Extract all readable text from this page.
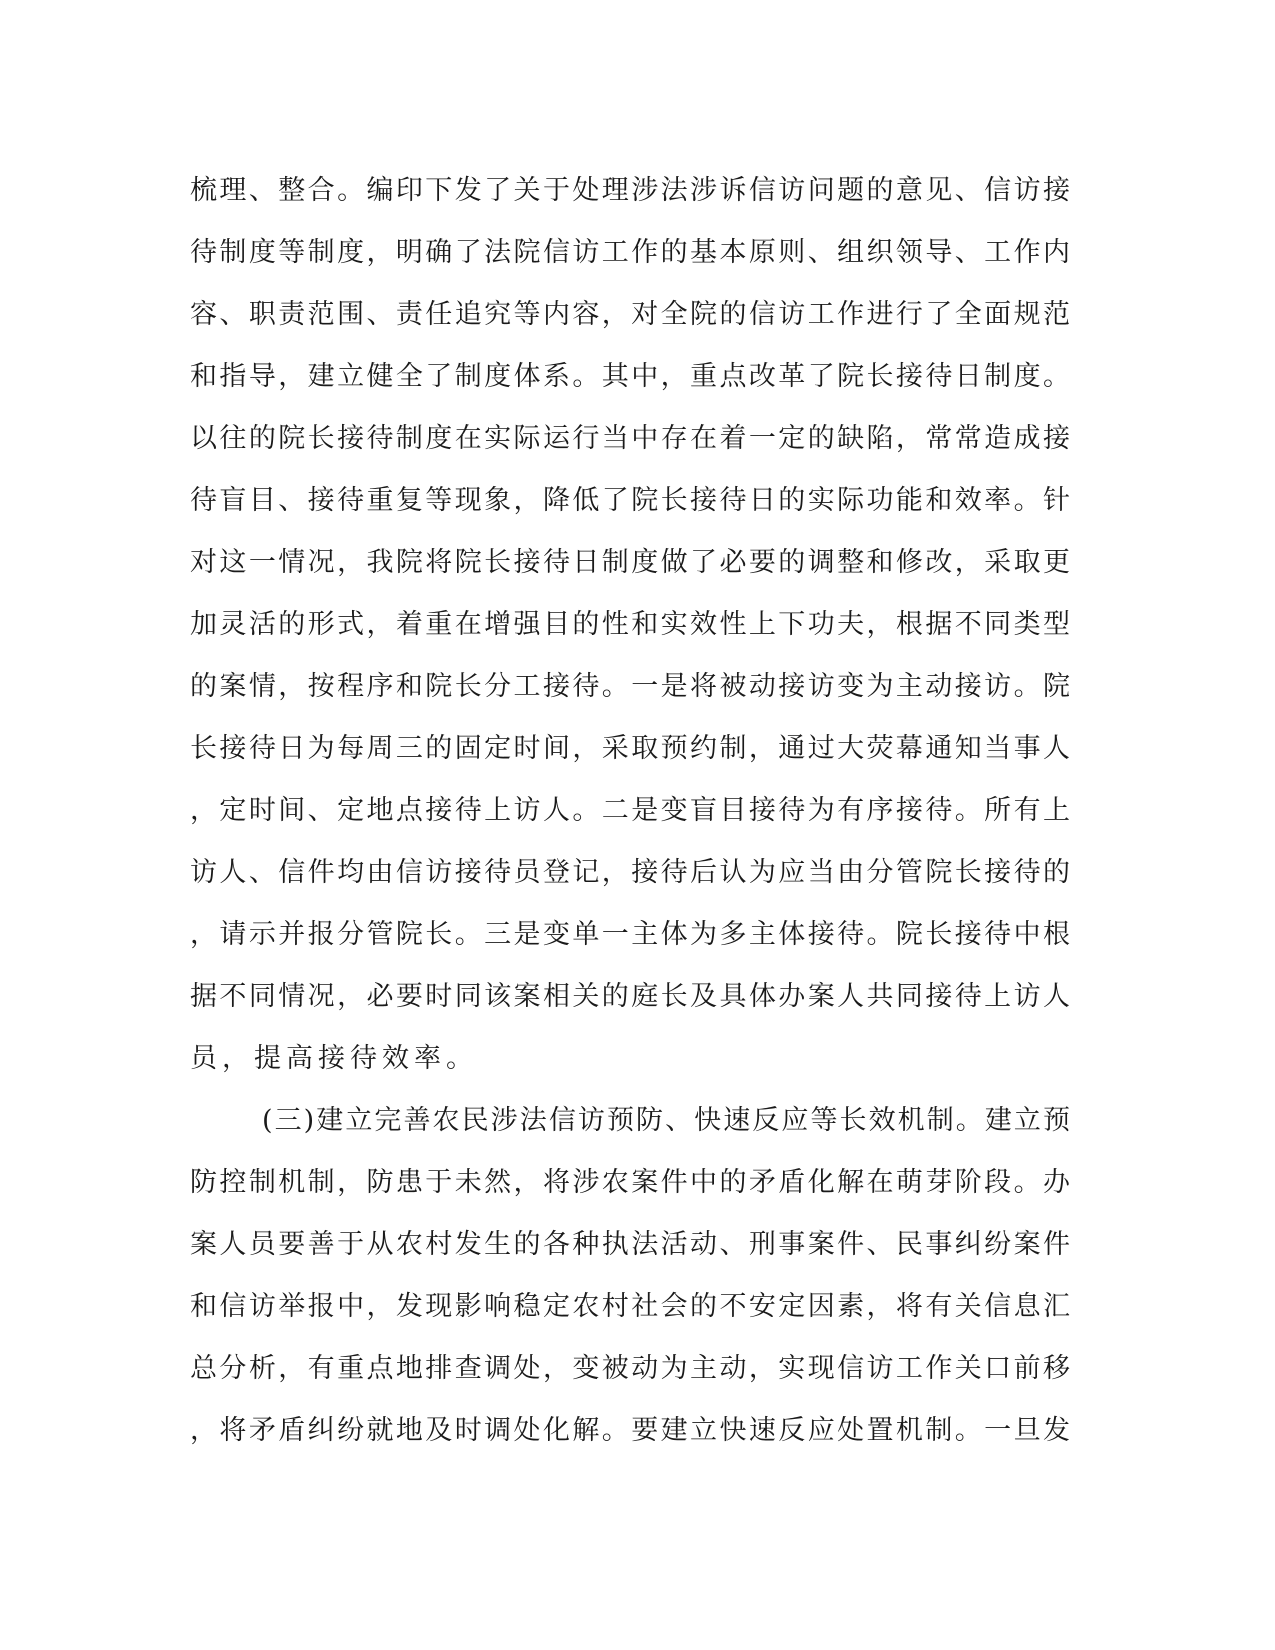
梳理、整合。编印下发了关于处理涉法涉诉信访问题的意见、信访接
待制度等制度，明确了法院信访工作的基本原则、组织领导、工作内
容、职责范围、责任追究等内容，对全院的信访工作进行了全面规范
和指导，建立健全了制度体系。其中，重点改革了院长接待日制度。
以往的院长接待制度在实际运行当中存在着一定的缺陷，常常造成接
待盲目、接待重复等现象，降低了院长接待日的实际功能和效率。针
对这一情况，我院将院长接待日制度做了必要的调整和修改，采取更
加灵活的形式，着重在增强目的性和实效性上下功夫，根据不同类型
的案情，按程序和院长分工接待。一是将被动接访变为主动接访。院
长接待日为每周三的固定时间，采取预约制，通过大荧幕通知当事人
，定时间、定地点接待上访人。二是变盲目接待为有序接待。所有上
访人、信件均由信访接待员登记，接待后认为应当由分管院长接待的
，请示并报分管院长。三是变单一主体为多主体接待。院长接待中根
据不同情况，必要时同该案相关的庭长及具体办案人共同接待上访人
员，提高接待效率。
(三)建立完善农民涉法信访预防、快速反应等长效机制。建立预
防控制机制，防患于未然，将涉农案件中的矛盾化解在萌芽阶段。办
案人员要善于从农村发生的各种执法活动、刑事案件、民事纠纷案件
和信访举报中，发现影响稳定农村社会的不安定因素，将有关信息汇
总分析，有重点地排查调处，变被动为主动，实现信访工作关口前移
，将矛盾纠纷就地及时调处化解。要建立快速反应处置机制。一旦发
